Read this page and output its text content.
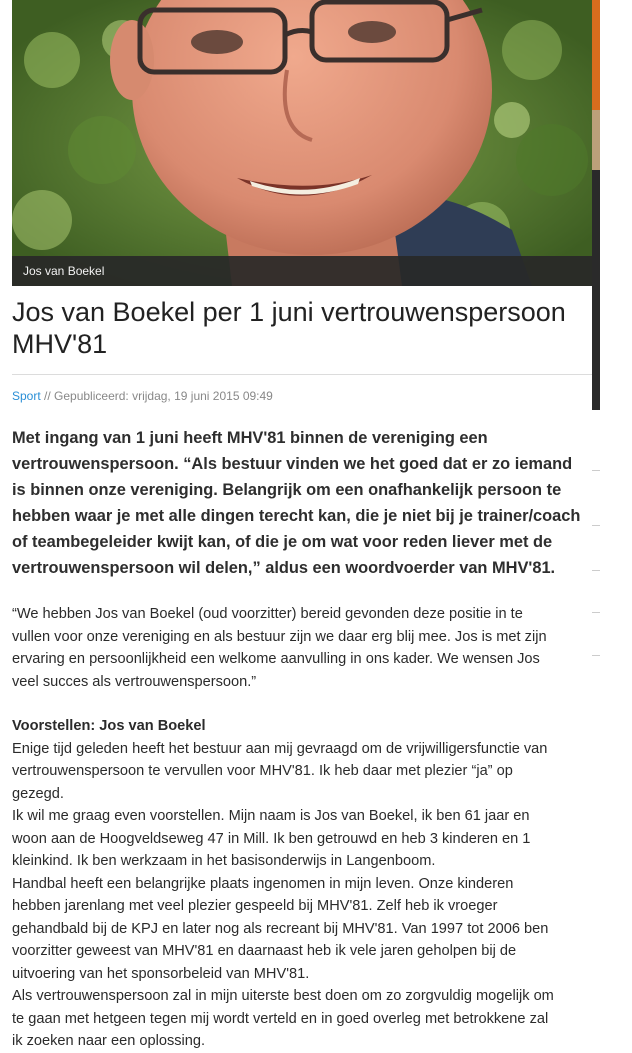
Jos van Boekel
Jos van Boekel per 1 juni vertrouwenspersoon
MHV'81
Sport // Gepubliceerd: vrijdag, 19 juni 2015 09:49

Met ingang van 1 juni heeft MHV'81 binnen de vereniging een

vertrouwenspersoon. “Als bestuur vinden we het goed dat er zo iemand

is binnen onze vereniging. Belangrijk om een onafhankelijk persoon te

hebben waar je met alle dingen terecht kan, die je niet bij je trainer/coach

of teambegeleider kwijt kan, of die je om wat voor reden liever met de

vertrouwenspersoon wil delen,” aldus een woordvoerder van MHV'81.

“We hebben Jos van Boekel (oud voorzitter) bereid gevonden deze positie in te

vullen voor onze vereniging en als bestuur zijn we daar erg blij mee. Jos is met zijn

ervaring en persoonlijkheid een welkome aanvulling in ons kader. We wensen Jos

veel succes als vertrouwenspersoon.”

Voorstellen: Jos van Boekel

Enige tijd geleden heeft het bestuur aan mij gevraagd om de vrijwilligersfunctie van

vertrouwenspersoon te vervullen voor MHV'81. Ik heb daar met plezier “ja” op

gezegd.

Ik wil me graag even voorstellen. Mijn naam is Jos van Boekel, ik ben 61 jaar en

woon aan de Hoogveldseweg 47 in Mill. Ik ben getrouwd en heb 3 kinderen en 1

kleinkind. Ik ben werkzaam in het basisonderwijs in Langenboom.

Handbal heeft een belangrijke plaats ingenomen in mijn leven. Onze kinderen

hebben jarenlang met veel plezier gespeeld bij MHV'81. Zelf heb ik vroeger

gehandbald bij de KPJ en later nog als recreant bij MHV'81. Van 1997 tot 2006 ben

voorzitter geweest van MHV'81 en daarnaast heb ik vele jaren geholpen bij de

uitvoering van het sponsorbeleid van MHV'81.

Als vertrouwenspersoon zal in mijn uiterste best doen om zo zorgvuldig mogelijk om

te gaan met hetgeen tegen mij wordt verteld en in goed overleg met betrokkene zal

ik zoeken naar een oplossing.
